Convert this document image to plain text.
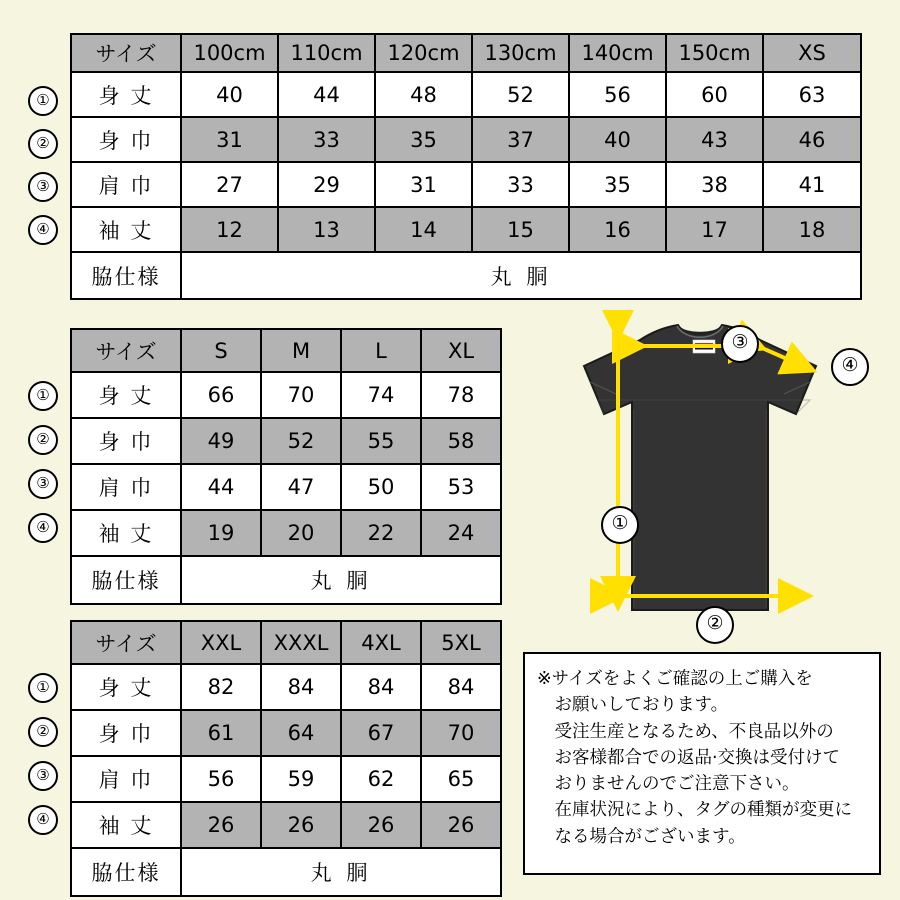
サイズ	100cm	110cm	120cm	130cm	140cm	150cm	XS
身 丈	40	44	48	52	56	60	63
身 巾	31	33	35	37	40	43	46
肩 巾	27	29	31	33	35	38	41
袖 丈	12	13	14	15	16	17	18
脇仕様	丸 胴						
①
②
③
④
サイズ	S	M	L	XL
身 丈	66	70	74	78
身 巾	49	52	55	58
肩 巾	44	47	50	53
袖 丈	19	20	22	24
脇仕様	丸 胴			
①
②
③
④
サイズ	XXL	XXXL	4XL	5XL
身 丈	82	84	84	84
身 巾	61	64	67	70
肩 巾	56	59	62	65
袖 丈	26	26	26	26
脇仕様	丸 胴			
①
②
③
④
③
④
①
②

※サイズをよくご確認の上ご購入を

お願いしております。

受注生産となるため、不良品以外の

お客様都合での返品·交換は受付けて

おりませんのでご注意下さい。

在庫状況により、タグの種類が変更に

なる場合がございます。
